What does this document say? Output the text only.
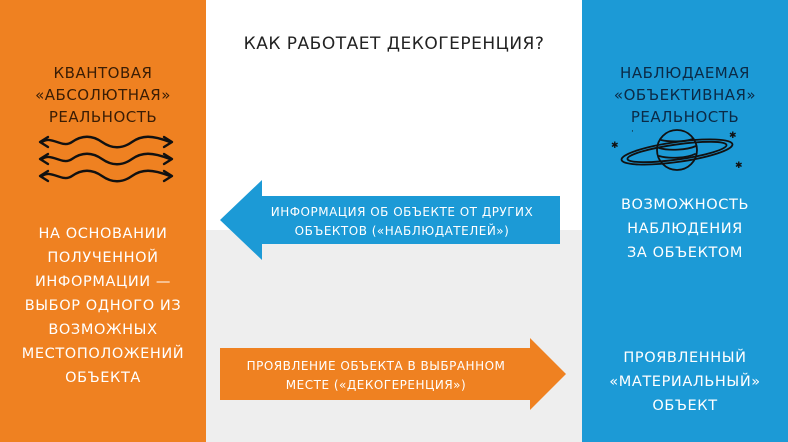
КАК РАБОТАЕТ ДЕКОГЕРЕНЦИЯ?
КВАНТОВАЯ
«АБСОЛЮТНАЯ»
РЕАЛЬНОСТЬ
НА ОСНОВАНИИ
ПОЛУЧЕННОЙ
ИНФОРМАЦИИ —
ВЫБОР ОДНОГО ИЗ
ВОЗМОЖНЫХ
МЕСТОПОЛОЖЕНИЙ
ОБЪЕКТА
НАБЛЮДАЕМАЯ
«ОБЪЕКТИВНАЯ»
РЕАЛЬНОСТЬ
✱
✱
✱
·
ВОЗМОЖНОСТЬ
НАБЛЮДЕНИЯ
ЗА ОБЪЕКТОМ
ПРОЯВЛЕННЫЙ
«МАТЕРИАЛЬНЫЙ»
ОБЪЕКТ
ИНФОРМАЦИЯ ОБ ОБЪЕКТЕ ОТ ДРУГИХ
ОБЪЕКТОВ («НАБЛЮДАТЕЛЕЙ»)
ПРОЯВЛЕНИЕ ОБЪЕКТА В ВЫБРАННОМ
МЕСТЕ («ДЕКОГЕРЕНЦИЯ»)
